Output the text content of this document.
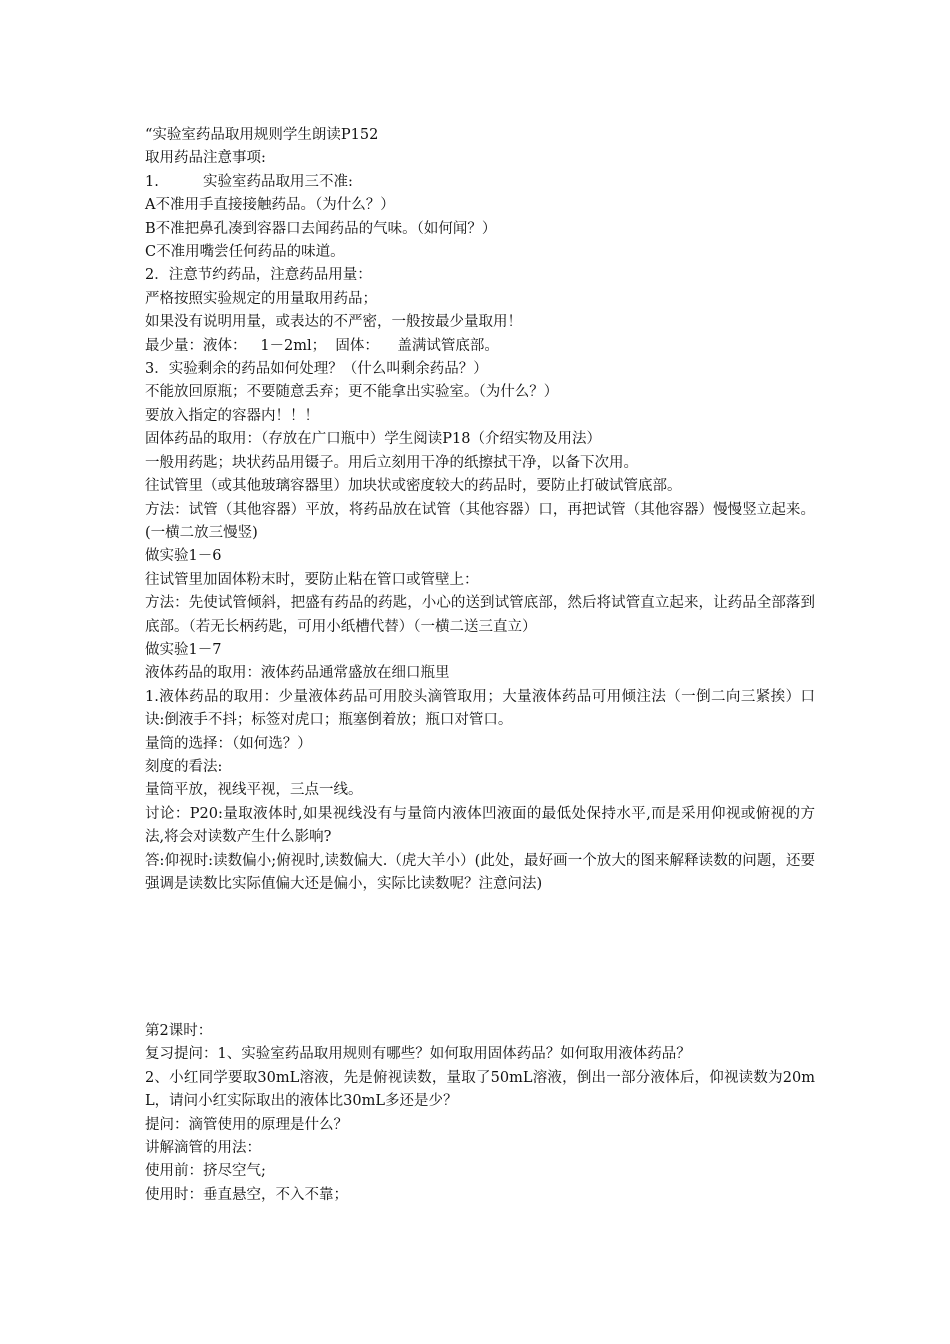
“实验室药品取用规则学生朗读P152
取用药品注意事项:
1.	实验室药品取用三不准:
A不准用手直接接触药品。（为什么？）
B不准把鼻孔凑到容器口去闻药品的气味。（如何闻？）
C不准用嘴尝任何药品的味道。
2．注意节约药品，注意药品用量：
严格按照实验规定的用量取用药品；
如果没有说明用量，或表达的不严密，一般按最少量取用！
最少量：液体：   1－2ml；  固体：    盖满试管底部。
3．实验剩余的药品如何处理？（什么叫剩余药品？）
不能放回原瓶；不要随意丢弃；更不能拿出实验室。（为什么？）
要放入指定的容器内！！！
固体药品的取用：（存放在广口瓶中）学生阅读P18（介绍实物及用法）
一般用药匙；块状药品用镊子。用后立刻用干净的纸擦拭干净，以备下次用。
往试管里（或其他玻璃容器里）加块状或密度较大的药品时，要防止打破试管底部。
方法：试管（其他容器）平放，将药品放在试管（其他容器）口，再把试管（其他容器）慢慢竖立起来。(一横二放三慢竖)
做实验1－6
往试管里加固体粉末时，要防止粘在管口或管壁上：
方法：先使试管倾斜，把盛有药品的药匙，小心的送到试管底部，然后将试管直立起来，让药品全部落到底部。（若无长柄药匙，可用小纸槽代替）（一横二送三直立）
做实验1－7
液体药品的取用：液体药品通常盛放在细口瓶里
1.液体药品的取用：少量液体药品可用胶头滴管取用；大量液体药品可用倾注法（一倒二向三紧挨）口诀:倒液手不抖；标签对虎口；瓶塞倒着放；瓶口对管口。
量筒的选择：（如何选？）
刻度的看法:
量筒平放，视线平视，三点一线。
讨论：P20:量取液体时,如果视线没有与量筒内液体凹液面的最低处保持水平,而是采用仰视或俯视的方法,将会对读数产生什么影响?
答:仰视时:读数偏小;俯视时,读数偏大.（虎大羊小）(此处，最好画一个放大的图来解释读数的问题，还要强调是读数比实际值偏大还是偏小，实际比读数呢？注意问法)
第2课时：
复习提问：1、实验室药品取用规则有哪些？如何取用固体药品？如何取用液体药品？
2、小红同学要取30mL溶液，先是俯视读数，量取了50mL溶液，倒出一部分液体后，仰视读数为20mL，请问小红实际取出的液体比30mL多还是少？
提问：滴管使用的原理是什么？
讲解滴管的用法：
使用前：挤尽空气;
使用时：垂直悬空，不入不靠；
